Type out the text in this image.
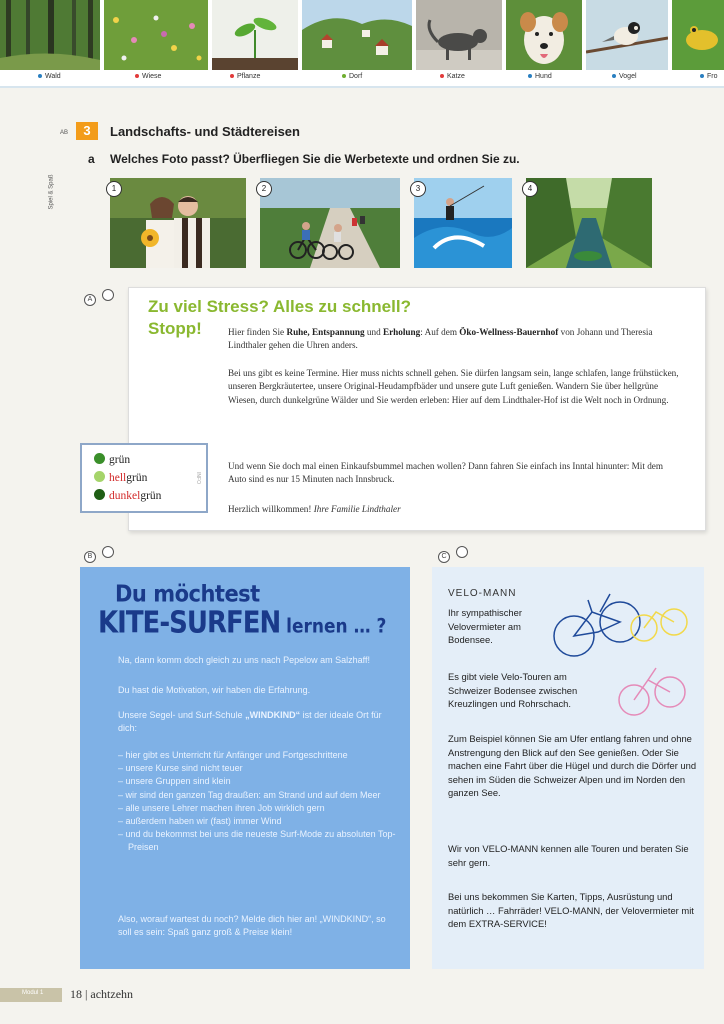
Wald	Wiese	Pflanze	Dorf	Katze	Hund	Vogel	Fro
AB	3	Landschafts- und Städtereisen
Spiel & Spaß
a Welches Foto passt? Überfliegen Sie die Werbetexte und ordnen Sie zu.
1	2	3	4
A	Zu viel Stress? Alles zu schnell?
Stopp!	Hier finden Sie Ruhe, Entspannung und Erholung: Auf dem Öko-Wellness-Bauernhof von Johann und Theresia Lindthaler gehen die Uhren anders.
Bei uns gibt es keine Termine. Hier muss nichts schnell gehen. Sie dürfen langsam sein, lange schlafen, lange frühstücken, unseren Bergkräutertee, unsere Original-Heudampfbäder und unsere gute Luft genießen. Wandern Sie über hellgrüne Wiesen, durch dunkelgrüne Wälder und Sie werden erleben: Hier auf dem Lindthaler-Hof ist die Welt noch in Ordnung.
Und wenn Sie doch mal einen Einkaufsbummel machen wollen? Dann fahren Sie einfach ins Inntal hinunter: Mit dem Auto sind es nur 15 Minuten nach Innsbruck.
Herzlich willkommen! Ihre Familie Lindthaler
grün
hellgrün
dunkelgrün
INFO
B
Du möchtest
KITE-SURFEN lernen … ?
Na, dann komm doch gleich zu uns nach Pepelow am Salzhaff!
Du hast die Motivation, wir haben die Erfahrung.
Unsere Segel- und Surf-Schule „WINDKIND“ ist der ideale Ort für dich:
– hier gibt es Unterricht für Anfänger und Fortgeschrittene
– unsere Kurse sind nicht teuer
– unsere Gruppen sind klein
– wir sind den ganzen Tag draußen: am Strand und auf dem Meer
– alle unsere Lehrer machen ihren Job wirklich gern
– außerdem haben wir (fast) immer Wind
– und du bekommst bei uns die neueste Surf-Mode zu absoluten Top-Preisen
Also, worauf wartest du noch? Melde dich hier an! „WINDKIND“, so soll es sein: Spaß ganz groß & Preise klein!
C
VELO-MANN
Ihr sympathischer Velovermieter am Bodensee.
Es gibt viele Velo-Touren am Schweizer Bodensee zwischen Kreuzlingen und Rohrschach.
Zum Beispiel können Sie am Ufer entlang fahren und ohne Anstrengung den Blick auf den See genießen. Oder Sie machen eine Fahrt über die Hügel und durch die Dörfer und sehen im Süden die Schweizer Alpen und im Norden den ganzen See.
Wir von VELO-MANN kennen alle Touren und beraten Sie sehr gern.
Bei uns bekommen Sie Karten, Tipps, Ausrüstung und natürlich … Fahrräder! VELO-MANN, der Velovermieter mit dem EXTRA-SERVICE!
Modul 1 18 | achtzehn
